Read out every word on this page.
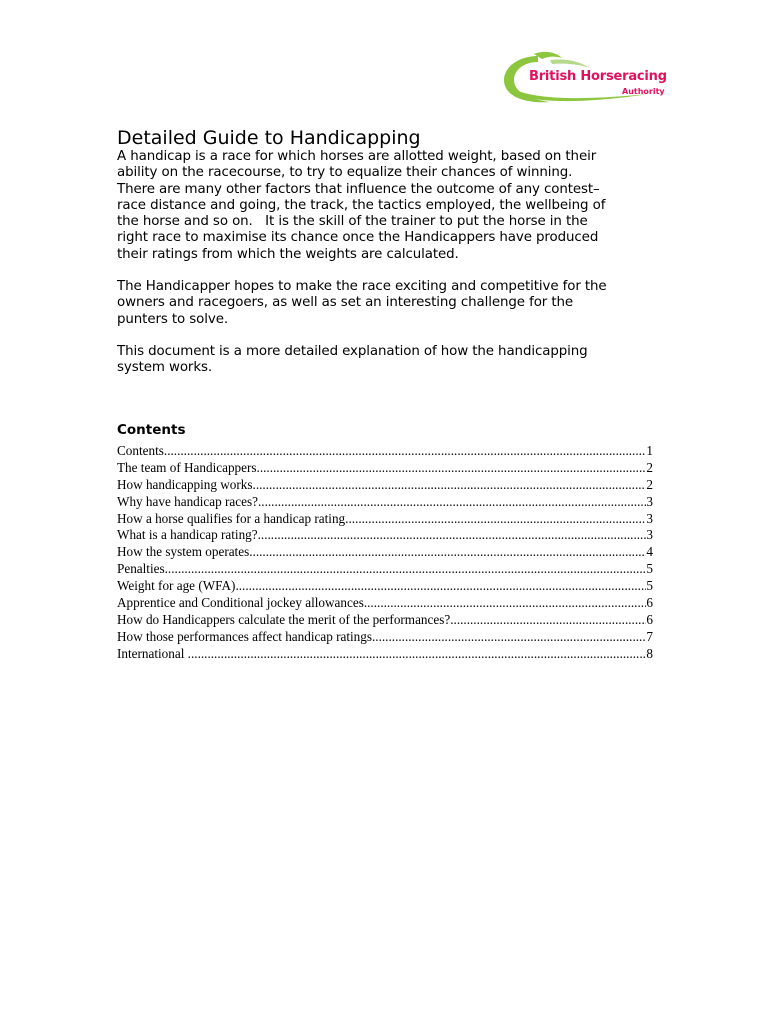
British Horseracing
Authority
Detailed Guide to Handicapping

A handicap is a race for which horses are allotted weight, based on their
ability on the racecourse, to try to equalize their chances of winning.
There are many other factors that influence the outcome of any contest–
race distance and going, the track, the tactics employed, the wellbeing of
the horse and so on.   It is the skill of the trainer to put the horse in the
right race to maximise its chance once the Handicappers have produced
their ratings from which the weights are calculated.

The Handicapper hopes to make the race exciting and competitive for the
owners and racegoers, as well as set an interesting challenge for the
punters to solve.

This document is a more detailed explanation of how the handicapping
system works.

Contents
Contents .....	1
The team of Handicappers .....	2
How handicapping works .....	2
Why have handicap races? .....	3
How a horse qualifies for a handicap rating .....	3
What is a handicap rating? .....	3
How the system operates .....	4
Penalties .....	5
Weight for age (WFA) .....	5
Apprentice and Conditional jockey allowances .....	6
How do Handicappers calculate the merit of the performances? .....	6
How those performances affect handicap ratings .....	7
International .....	8
